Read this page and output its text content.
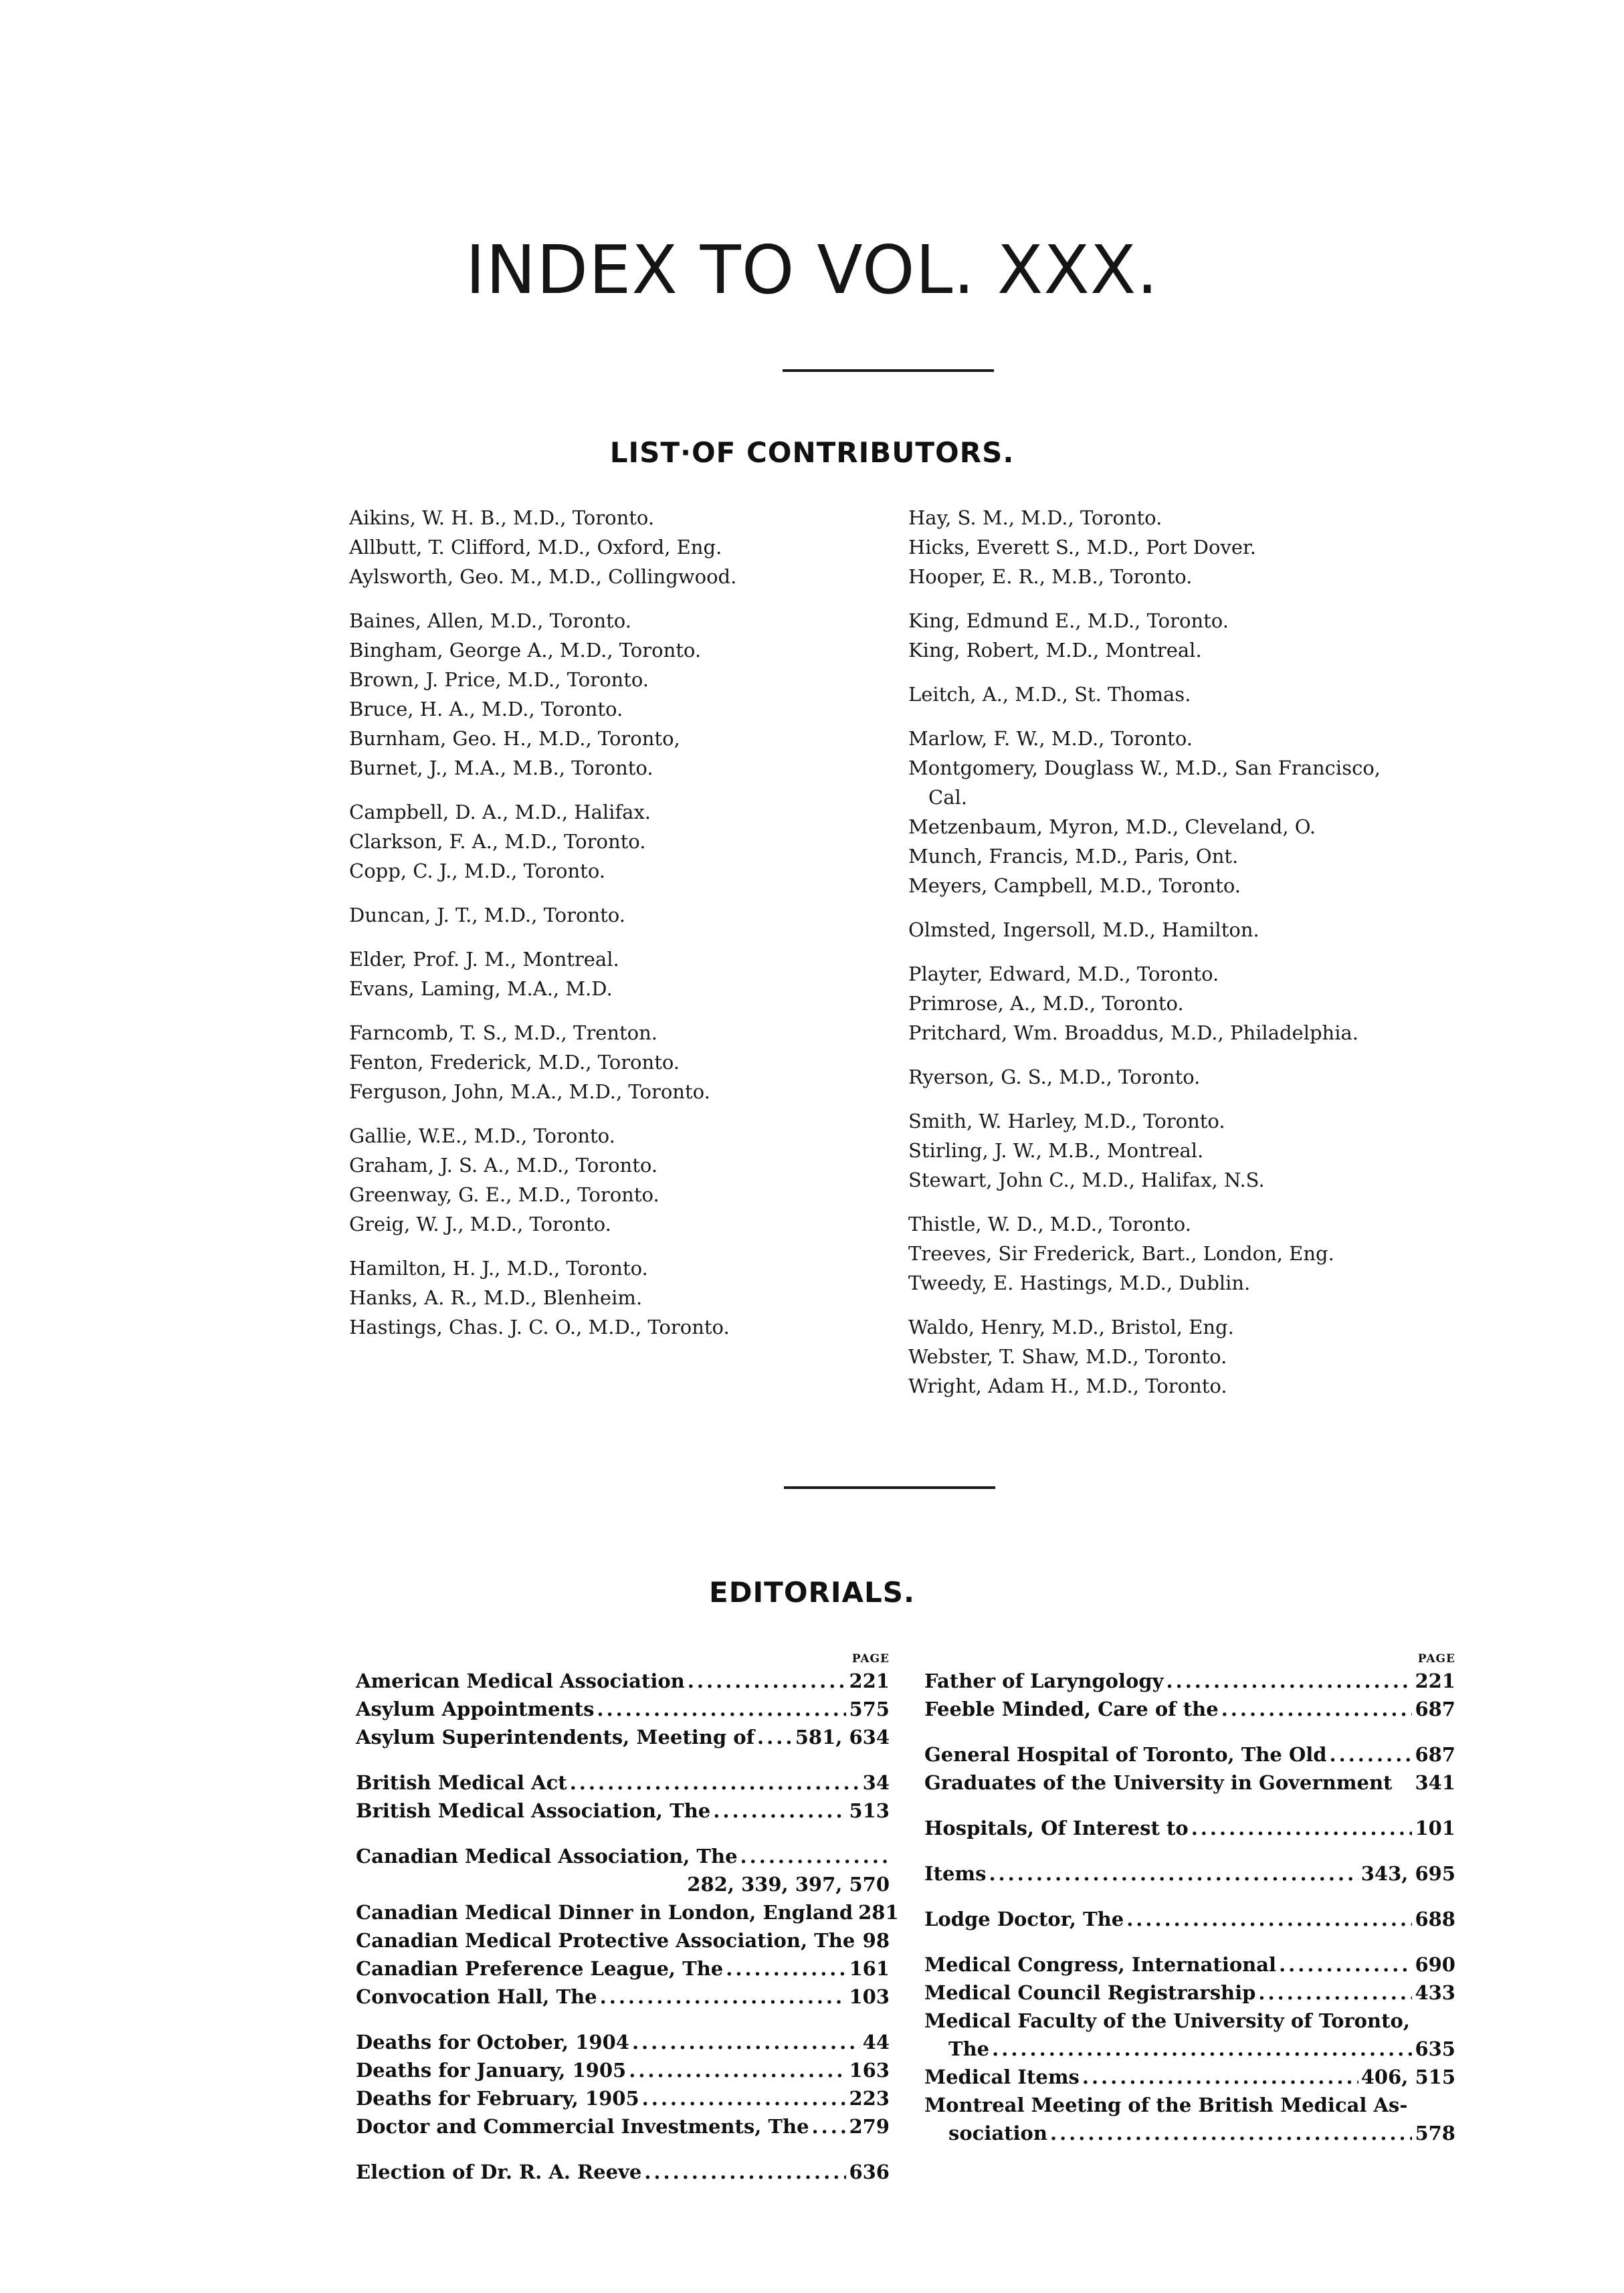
INDEX TO VOL. XXX.
LIST·OF CONTRIBUTORS.
Aikins, W. H. B., M.D., Toronto.
Allbutt, T. Clifford, M.D., Oxford, Eng.
Aylsworth, Geo. M., M.D., Collingwood.
Baines, Allen, M.D., Toronto.
Bingham, George A., M.D., Toronto.
Brown, J. Price, M.D., Toronto.
Bruce, H. A., M.D., Toronto.
Burnham, Geo. H., M.D., Toronto,
Burnet, J., M.A., M.B., Toronto.
Campbell, D. A., M.D., Halifax.
Clarkson, F. A., M.D., Toronto.
Copp, C. J., M.D., Toronto.
Duncan, J. T., M.D., Toronto.
Elder, Prof. J. M., Montreal.
Evans, Laming, M.A., M.D.
Farncomb, T. S., M.D., Trenton.
Fenton, Frederick, M.D., Toronto.
Ferguson, John, M.A., M.D., Toronto.
Gallie, W.E., M.D., Toronto.
Graham, J. S. A., M.D., Toronto.
Greenway, G. E., M.D., Toronto.
Greig, W. J., M.D., Toronto.
Hamilton, H. J., M.D., Toronto.
Hanks, A. R., M.D., Blenheim.
Hastings, Chas. J. C. O., M.D., Toronto.
Hay, S. M., M.D., Toronto.
Hicks, Everett S., M.D., Port Dover.
Hooper, E. R., M.B., Toronto.
King, Edmund E., M.D., Toronto.
King, Robert, M.D., Montreal.
Leitch, A., M.D., St. Thomas.
Marlow, F. W., M.D., Toronto.
Montgomery, Douglass W., M.D., San Francisco,
Cal.
Metzenbaum, Myron, M.D., Cleveland, O.
Munch, Francis, M.D., Paris, Ont.
Meyers, Campbell, M.D., Toronto.
Olmsted, Ingersoll, M.D., Hamilton.
Playter, Edward, M.D., Toronto.
Primrose, A., M.D., Toronto.
Pritchard, Wm. Broaddus, M.D., Philadelphia.
Ryerson, G. S., M.D., Toronto.
Smith, W. Harley, M.D., Toronto.
Stirling, J. W., M.B., Montreal.
Stewart, John C., M.D., Halifax, N.S.
Thistle, W. D., M.D., Toronto.
Treeves, Sir Frederick, Bart., London, Eng.
Tweedy, E. Hastings, M.D., Dublin.
Waldo, Henry, M.D., Bristol, Eng.
Webster, T. Shaw, M.D., Toronto.
Wright, Adam H., M.D., Toronto.
EDITORIALS.
PAGE
American Medical Association .....	221
Asylum Appointments .....	575
Asylum Superintendents, Meeting of ..... 581, 634
British Medical Act .....	34
British Medical Association, The .....	513
Canadian Medical Association, The
.....
282, 339, 397, 570
Canadian Medical Dinner in London, England 281
Canadian Medical Protective Association, The 98
Canadian Preference League, The .....	161
Convocation Hall, The .....	103
Deaths for October, 1904 .....	44
Deaths for January, 1905 .....	163
Deaths for February, 1905 .....	223
Doctor and Commercial Investments, The ..... 279
Election of Dr. R. A. Reeve .....	636
PAGE
Father of Laryngology .....	221
Feeble Minded, Care of the .....	687
General Hospital of Toronto, The Old .....	687
Graduates of the University in Government 341
Hospitals, Of Interest to .....	101
Items .....	343, 695
Lodge Doctor, The .....	688
Medical Congress, International .....	690
Medical Council Registrarship .....	433
Medical Faculty of the University of Toronto,
The .....	635
Medical Items .....	406, 515
Montreal Meeting of the British Medical As-
sociation .....	578
